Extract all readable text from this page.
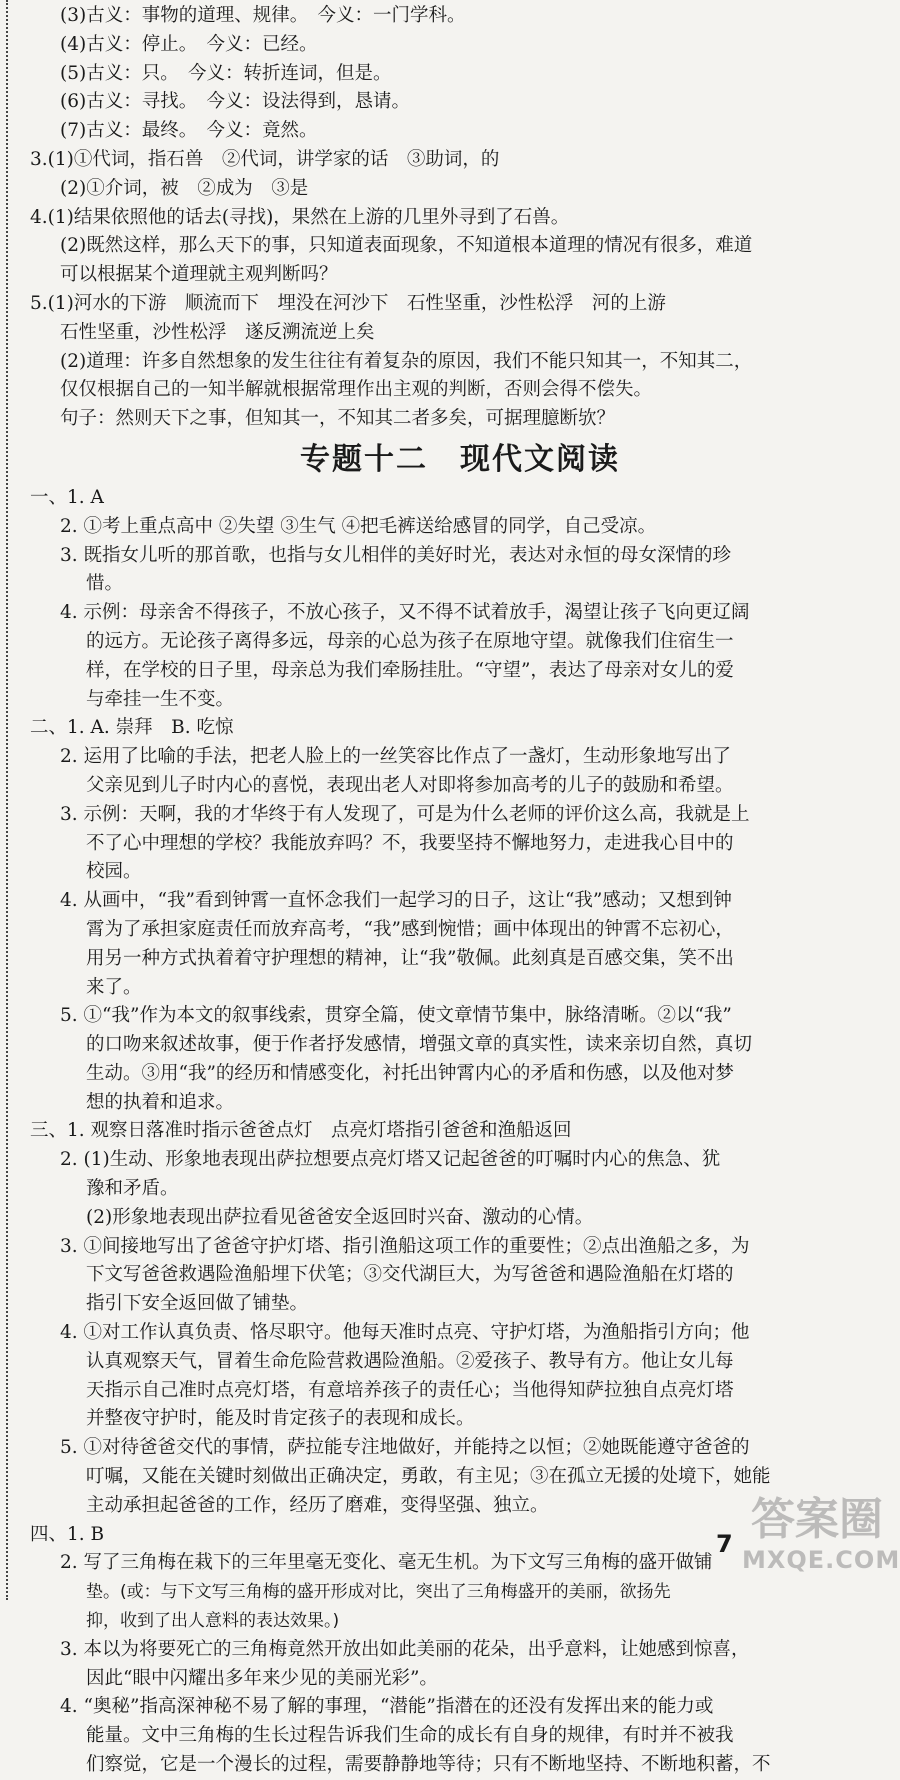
(3)古义：事物的道理、规律。　今义：一门学科。
(4)古义：停止。　今义：已经。
(5)古义：只。　今义：转折连词，但是。
(6)古义：寻找。　今义：设法得到，恳请。
(7)古义：最终。　今义：竟然。
3.(1)①代词，指石兽　②代词，讲学家的话　③助词，的
(2)①介词，被　②成为　③是
4.(1)结果依照他的话去(寻找)，果然在上游的几里外寻到了石兽。
(2)既然这样，那么天下的事，只知道表面现象，不知道根本道理的情况有很多，难道
可以根据某个道理就主观判断吗？
5.(1)河水的下游　顺流而下　埋没在河沙下　石性坚重，沙性松浮　河的上游
石性坚重，沙性松浮　遂反溯流逆上矣
(2)道理：许多自然想象的发生往往有着复杂的原因，我们不能只知其一，不知其二，
仅仅根据自己的一知半解就根据常理作出主观的判断，否则会得不偿失。
句子：然则天下之事，但知其一，不知其二者多矣，可据理臆断欤？
专题十二　现代文阅读
一、1. A
2. ①考上重点高中 ②失望 ③生气 ④把毛裤送给感冒的同学，自己受凉。
3. 既指女儿听的那首歌，也指与女儿相伴的美好时光，表达对永恒的母女深情的珍
惜。
4. 示例：母亲舍不得孩子，不放心孩子，又不得不试着放手，渴望让孩子飞向更辽阔
的远方。无论孩子离得多远，母亲的心总为孩子在原地守望。就像我们住宿生一
样，在学校的日子里，母亲总为我们牵肠挂肚。“守望”，表达了母亲对女儿的爱
与牵挂一生不变。
二、1. A. 崇拜　B. 吃惊
2. 运用了比喻的手法，把老人脸上的一丝笑容比作点了一盏灯，生动形象地写出了
父亲见到儿子时内心的喜悦，表现出老人对即将参加高考的儿子的鼓励和希望。
3. 示例：天啊，我的才华终于有人发现了，可是为什么老师的评价这么高，我就是上
不了心中理想的学校？我能放弃吗？不，我要坚持不懈地努力，走进我心目中的
校园。
4. 从画中，“我”看到钟霄一直怀念我们一起学习的日子，这让“我”感动；又想到钟
霄为了承担家庭责任而放弃高考，“我”感到惋惜；画中体现出的钟霄不忘初心，
用另一种方式执着着守护理想的精神，让“我”敬佩。此刻真是百感交集，笑不出
来了。
5. ①“我”作为本文的叙事线索，贯穿全篇，使文章情节集中，脉络清晰。②以“我”
的口吻来叙述故事，便于作者抒发感情，增强文章的真实性，读来亲切自然，真切
生动。③用“我”的经历和情感变化，衬托出钟霄内心的矛盾和伤感，以及他对梦
想的执着和追求。
三、1. 观察日落准时指示爸爸点灯　点亮灯塔指引爸爸和渔船返回
2. (1)生动、形象地表现出萨拉想要点亮灯塔又记起爸爸的叮嘱时内心的焦急、犹
豫和矛盾。
(2)形象地表现出萨拉看见爸爸安全返回时兴奋、激动的心情。
3. ①间接地写出了爸爸守护灯塔、指引渔船这项工作的重要性；②点出渔船之多，为
下文写爸爸救遇险渔船埋下伏笔；③交代湖巨大，为写爸爸和遇险渔船在灯塔的
指引下安全返回做了铺垫。
4. ①对工作认真负责、恪尽职守。他每天准时点亮、守护灯塔，为渔船指引方向；他
认真观察天气，冒着生命危险营救遇险渔船。②爱孩子、教导有方。他让女儿每
天指示自己准时点亮灯塔，有意培养孩子的责任心；当他得知萨拉独自点亮灯塔
并整夜守护时，能及时肯定孩子的表现和成长。
5. ①对待爸爸交代的事情，萨拉能专注地做好，并能持之以恒；②她既能遵守爸爸的
叮嘱，又能在关键时刻做出正确决定，勇敢，有主见；③在孤立无援的处境下，她能
主动承担起爸爸的工作，经历了磨难，变得坚强、独立。
四、1. B
2. 写了三角梅在栽下的三年里毫无变化、毫无生机。为下文写三角梅的盛开做铺
垫。(或：与下文写三角梅的盛开形成对比，突出了三角梅盛开的美丽，欲扬先
抑，收到了出人意料的表达效果。)
3. 本以为将要死亡的三角梅竟然开放出如此美丽的花朵，出乎意料，让她感到惊喜，
因此“眼中闪耀出多年来少见的美丽光彩”。
4. “奥秘”指高深神秘不易了解的事理，“潜能”指潜在的还没有发挥出来的能力或
能量。文中三角梅的生长过程告诉我们生命的成长有自身的规律，有时并不被我
们察觉，它是一个漫长的过程，需要静静地等待；只有不断地坚持、不断地积蓄，不
7 答案圈
MXQE.COM
